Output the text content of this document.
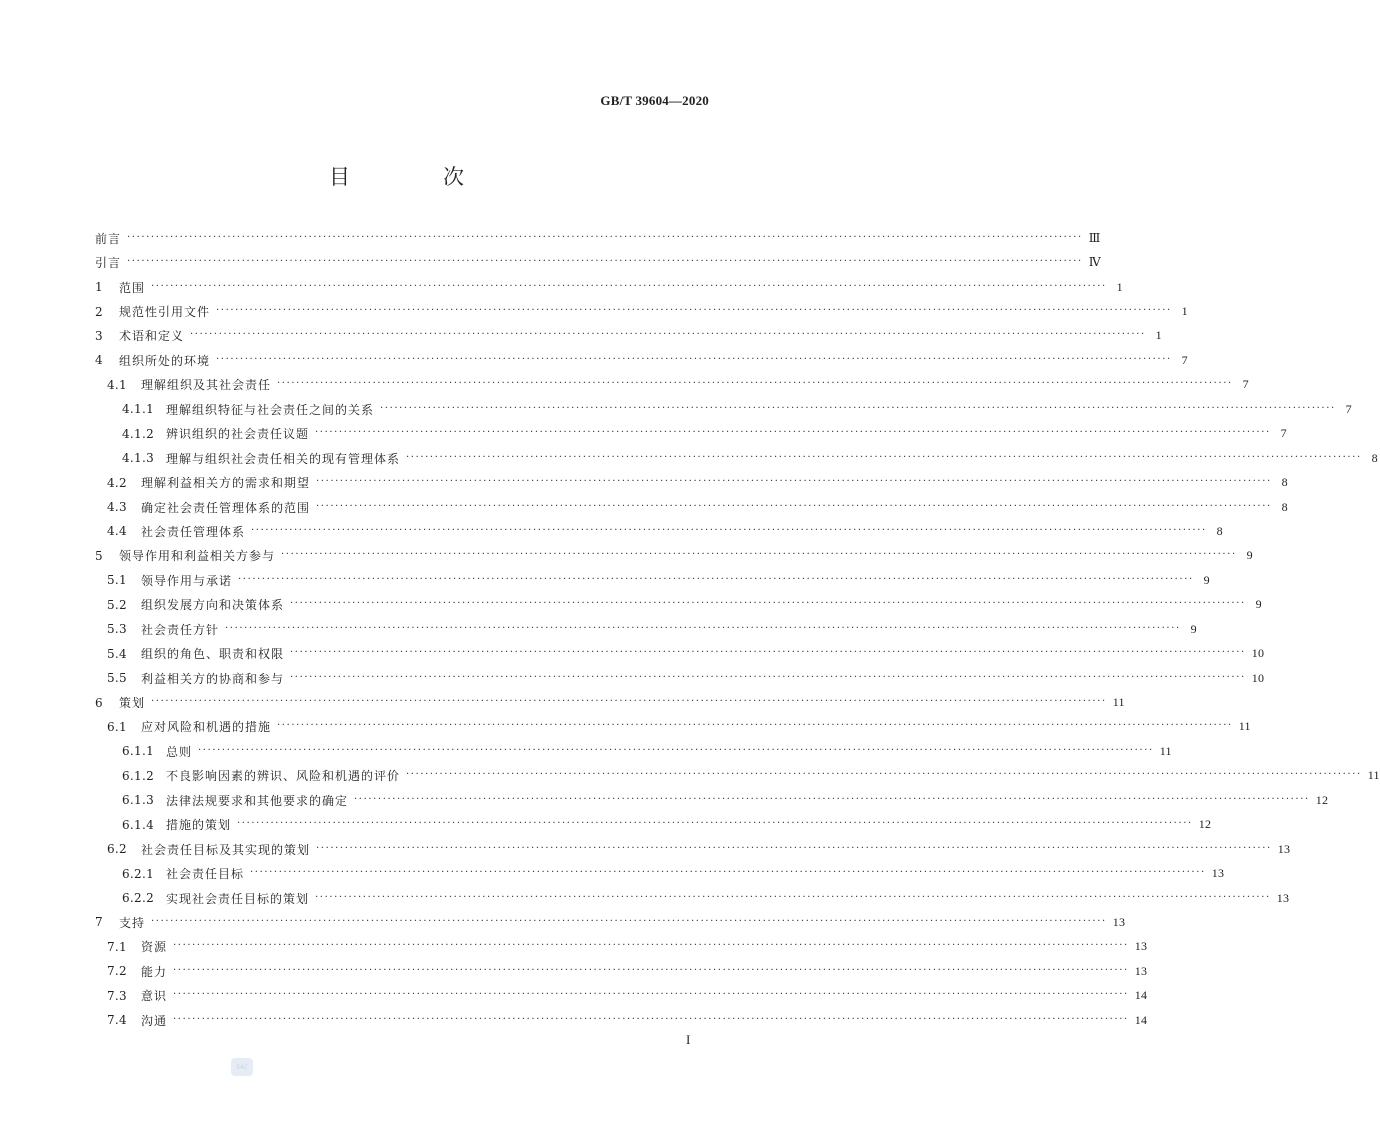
GB/T 39604—2020
目　次
前言 ········································································································································································································ Ⅲ
引言 ········································································································································································································ Ⅳ
1	范围 ········································································································································································································ 1
2	规范性引用文件 ········································································································································································································ 1
3	术语和定义 ········································································································································································································ 1
4	组织所处的环境 ········································································································································································································ 7
4.1	理解组织及其社会责任 ········································································································································································································ 7
4.1.1 理解组织特征与社会责任之间的关系 ········································································································································································································ 7
4.1.2 辨识组织的社会责任议题 ········································································································································································································ 7
4.1.3 理解与组织社会责任相关的现有管理体系 ········································································································································································································ 8
4.2	理解利益相关方的需求和期望 ········································································································································································································ 8
4.3	确定社会责任管理体系的范围 ········································································································································································································ 8
4.4	社会责任管理体系 ········································································································································································································ 8
5	领导作用和利益相关方参与 ········································································································································································································ 9
5.1	领导作用与承诺 ········································································································································································································ 9
5.2	组织发展方向和决策体系 ········································································································································································································ 9
5.3	社会责任方针 ········································································································································································································ 9
5.4	组织的角色、职责和权限 ········································································································································································································ 10
5.5	利益相关方的协商和参与 ········································································································································································································ 10
6	策划 ········································································································································································································ 11
6.1	应对风险和机遇的措施 ········································································································································································································ 11
6.1.1 总则 ········································································································································································································ 11
6.1.2 不良影响因素的辨识、风险和机遇的评价 ········································································································································································································ 11
6.1.3 法律法规要求和其他要求的确定 ········································································································································································································ 12
6.1.4 措施的策划 ········································································································································································································ 12
6.2	社会责任目标及其实现的策划 ········································································································································································································ 13
6.2.1 社会责任目标 ········································································································································································································ 13
6.2.2 实现社会责任目标的策划 ········································································································································································································ 13
7	支持 ········································································································································································································ 13
7.1	资源 ········································································································································································································ 13
7.2	能力 ········································································································································································································ 13
7.3	意识 ········································································································································································································ 14
7.4	沟通 ········································································································································································································ 14
I
SAC
